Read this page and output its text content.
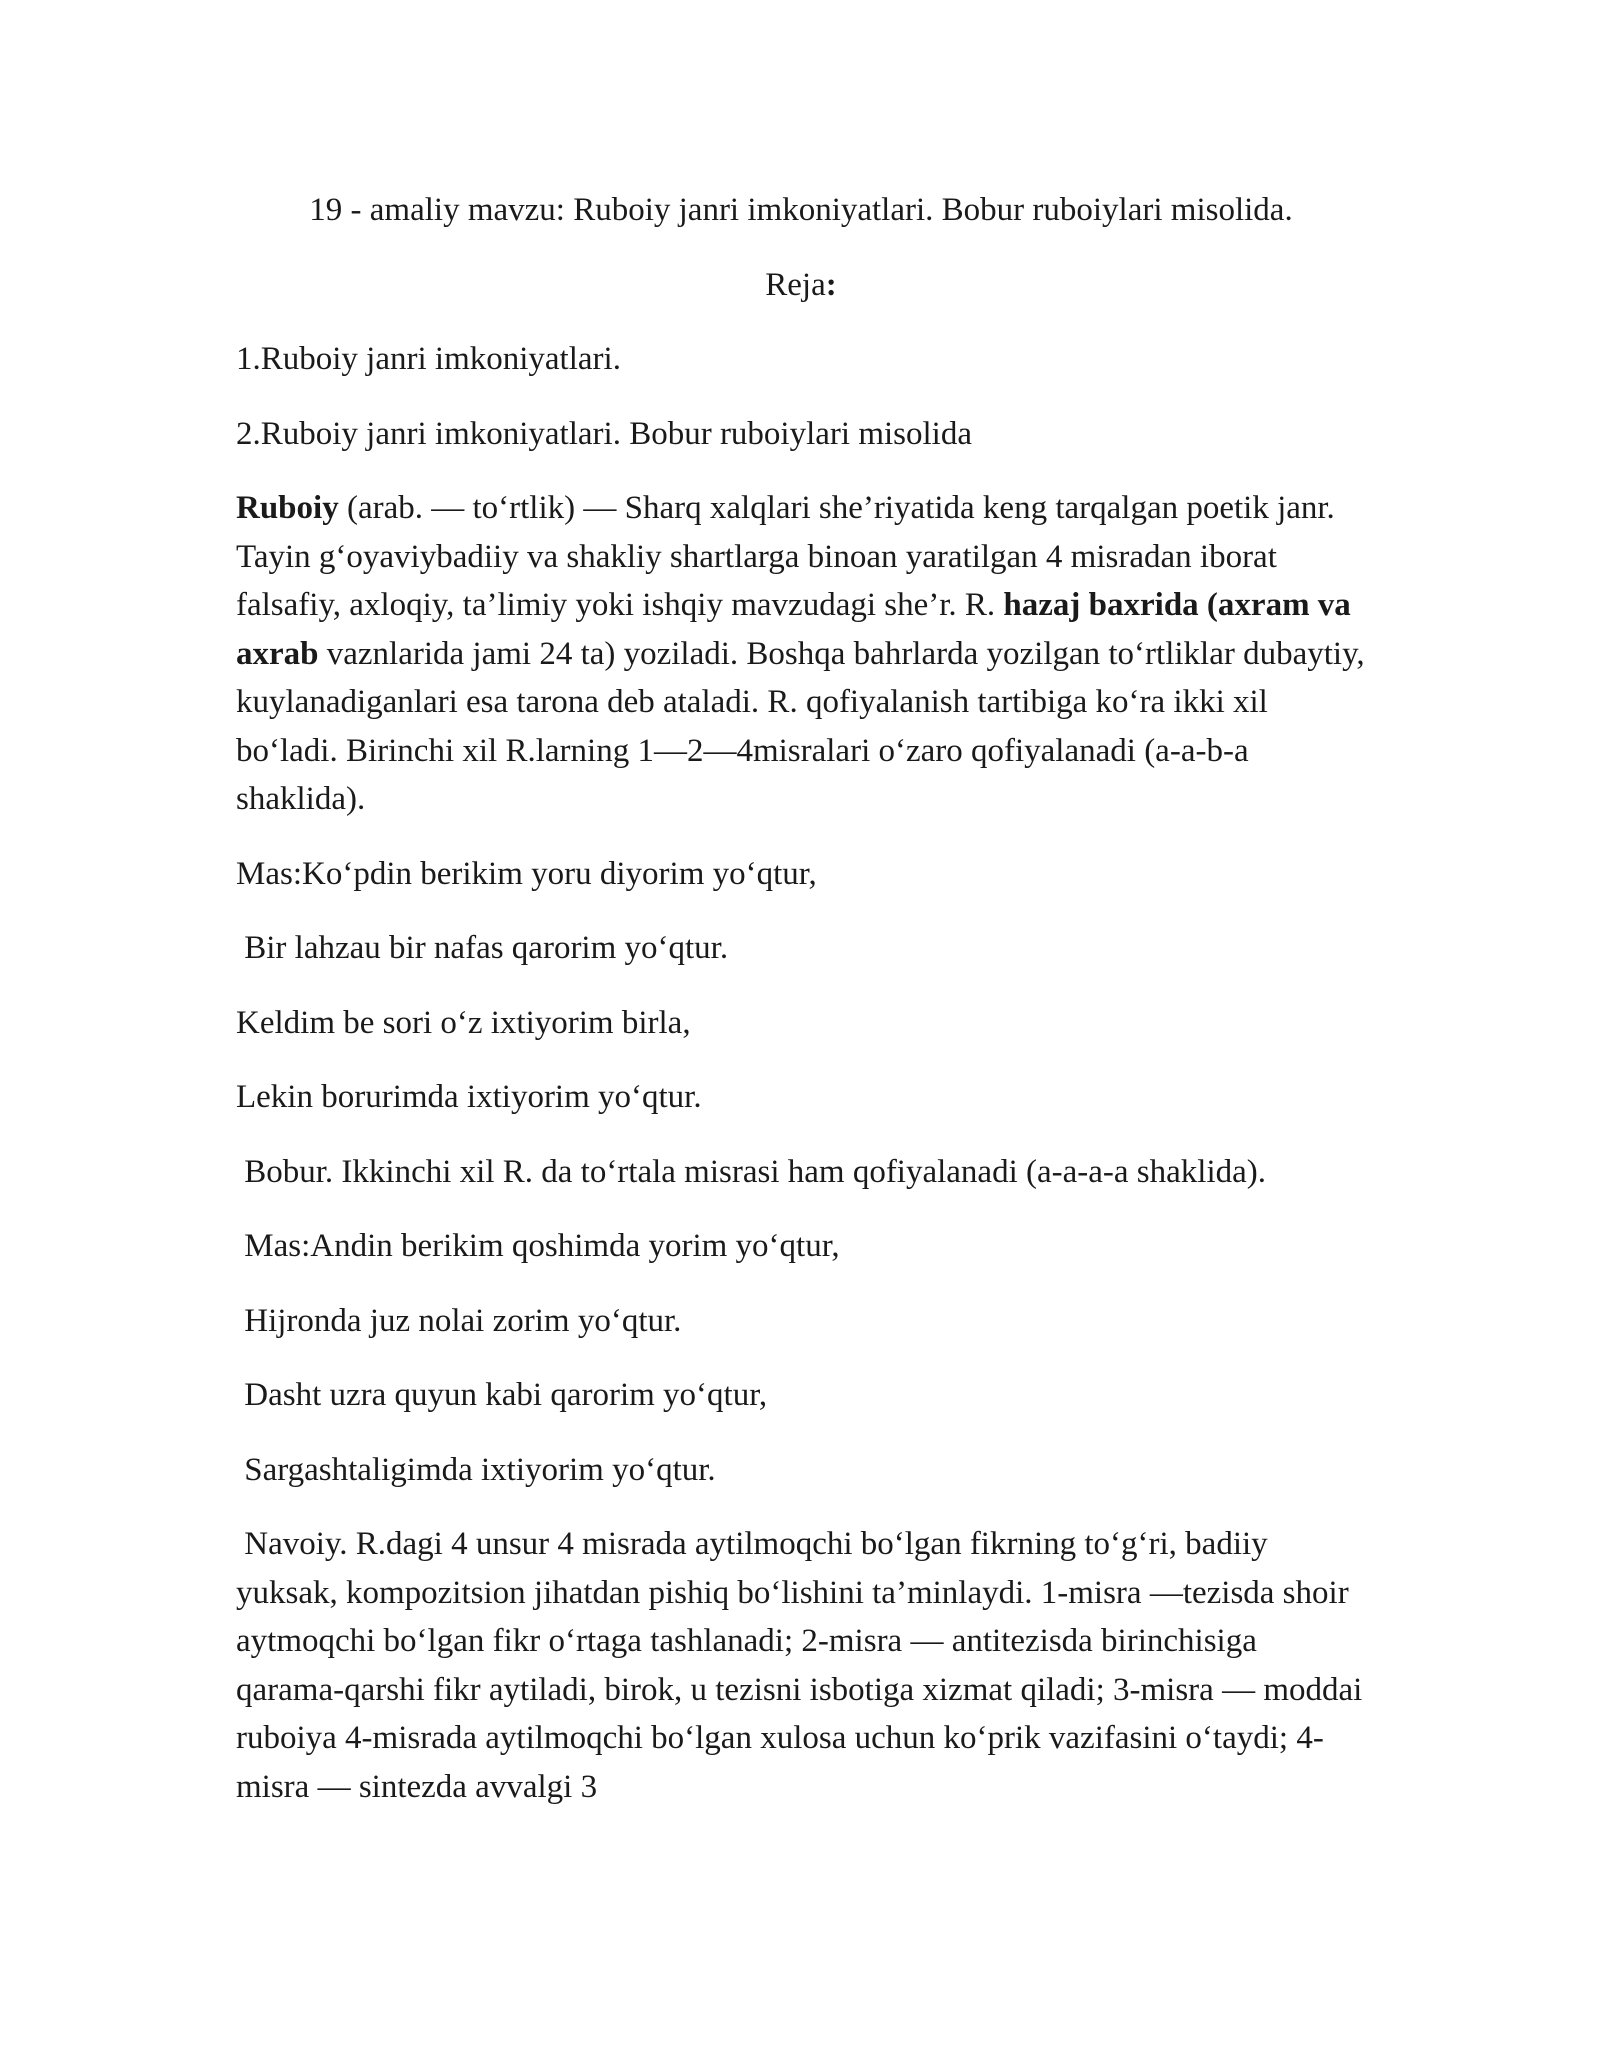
19 - amaliy mavzu: Ruboiy janri imkoniyatlari. Bobur ruboiylari misolida.

Reja:

1.Ruboiy janri imkoniyatlari.

2.Ruboiy janri imkoniyatlari. Bobur ruboiylari misolida

Ruboiy (arab. — to‘rtlik) — Sharq xalqlari she’riyatida keng tarqalgan poetik janr. Tayin g‘oyaviybadiiy va shakliy shartlarga binoan yaratilgan 4 misradan iborat falsafiy, axloqiy, ta’limiy yoki ishqiy mavzudagi she’r. R. hazaj baxrida (axram va axrab vaznlarida jami 24 ta) yoziladi. Boshqa bahrlarda yozilgan to‘rtliklar dubaytiy, kuylanadiganlari esa tarona deb ataladi. R. qofiyalanish tartibiga ko‘ra ikki xil bo‘ladi. Birinchi xil R.larning 1—2—4misralari o‘zaro qofiyalanadi (a-a-b-a shaklida).

Mas:Ko‘pdin berikim yoru diyorim yo‘qtur,

Bir lahzau bir nafas qarorim yo‘qtur.

Keldim be sori o‘z ixtiyorim birla,

Lekin borurimda ixtiyorim yo‘qtur.

Bobur. Ikkinchi xil R. da to‘rtala misrasi ham qofiyalanadi (a-a-a-a shaklida).

Mas:Andin berikim qoshimda yorim yo‘qtur,

Hijronda juz nolai zorim yo‘qtur.

Dasht uzra quyun kabi qarorim yo‘qtur,

Sargashtaligimda ixtiyorim yo‘qtur.

Navoiy. R.dagi 4 unsur 4 misrada aytilmoqchi bo‘lgan fikrning to‘g‘ri, badiiy yuksak, kompozitsion jihatdan pishiq bo‘lishini ta’minlaydi. 1-misra —tezisda shoir aytmoqchi bo‘lgan fikr o‘rtaga tashlanadi; 2-misra — antitezisda birinchisiga qarama-qarshi fikr aytiladi, birok, u tezisni isbotiga xizmat qiladi; 3-misra — moddai ruboiya 4-misrada aytilmoqchi bo‘lgan xulosa uchun ko‘prik vazifasini o‘taydi; 4-misra — sintezda avvalgi 3
